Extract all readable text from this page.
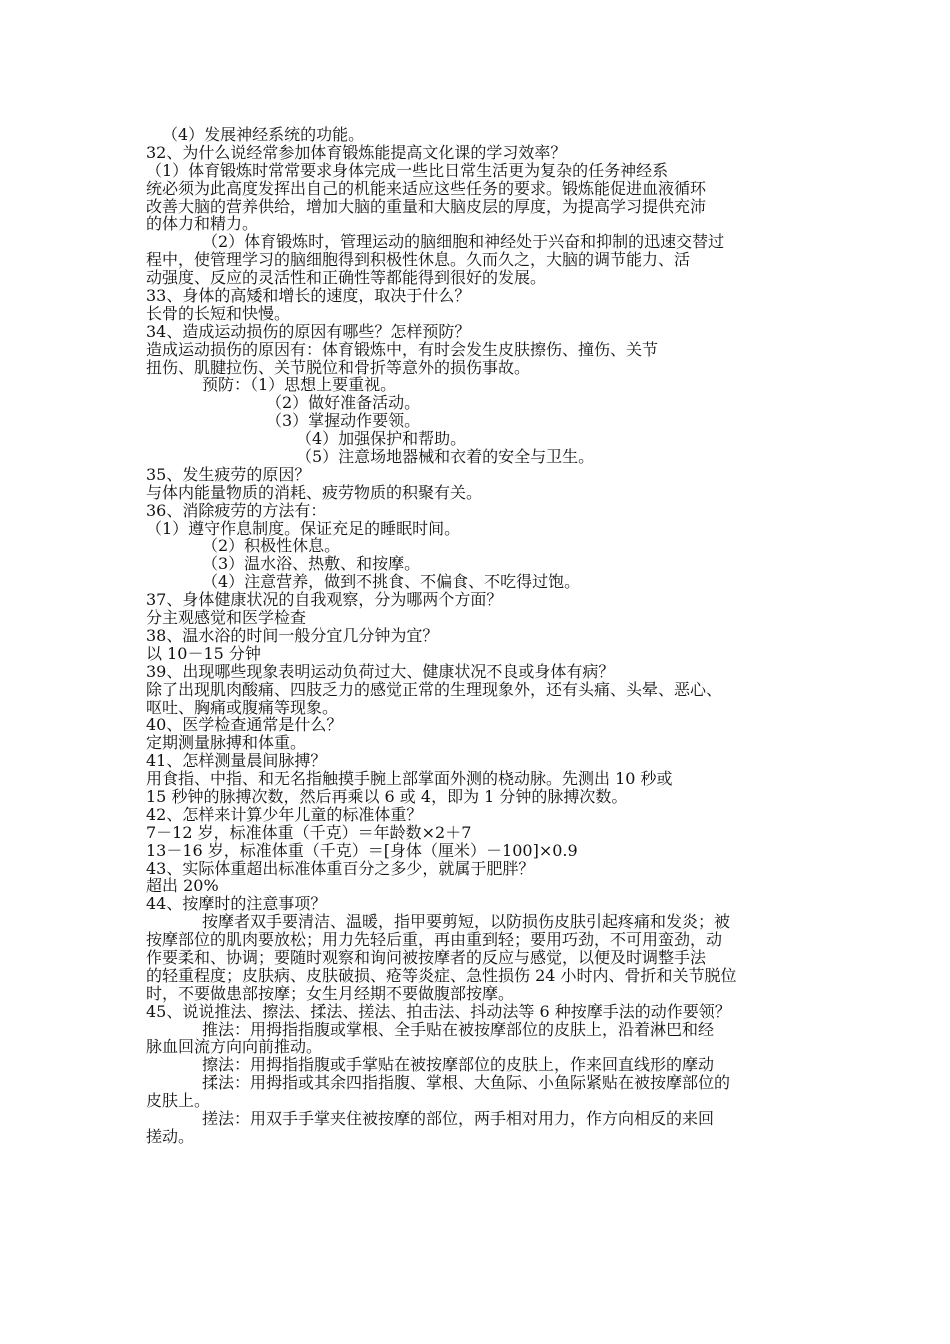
（4）发展神经系统的功能。
32、为什么说经常参加体育锻炼能提高文化课的学习效率？
（1）体育锻炼时常常要求身体完成一些比日常生活更为复杂的任务神经系
统必须为此高度发挥出自己的机能来适应这些任务的要求。锻炼能促进血液循环
改善大脑的营养供给，增加大脑的重量和大脑皮层的厚度，为提高学习提供充沛
的体力和精力。
（2）体育锻炼时，管理运动的脑细胞和神经处于兴奋和抑制的迅速交替过
程中，使管理学习的脑细胞得到积极性休息。久而久之，大脑的调节能力、活
动强度、反应的灵活性和正确性等都能得到很好的发展。
33、身体的高矮和增长的速度，取决于什么？
长骨的长短和快慢。
34、造成运动损伤的原因有哪些？怎样预防？
造成运动损伤的原因有：体育锻炼中，有时会发生皮肤擦伤、撞伤、关节
扭伤、肌腱拉伤、关节脱位和骨折等意外的损伤事故。
预防：（1）思想上要重视。
（2）做好准备活动。
（3）掌握动作要领。
（4）加强保护和帮助。
（5）注意场地器械和衣着的安全与卫生。
35、发生疲劳的原因？
与体内能量物质的消耗、疲劳物质的积聚有关。
36、消除疲劳的方法有：
（1）遵守作息制度。保证充足的睡眠时间。
（2）积极性休息。
（3）温水浴、热敷、和按摩。
（4）注意营养，做到不挑食、不偏食、不吃得过饱。
37、身体健康状况的自我观察，分为哪两个方面？
分主观感觉和医学检查
38、温水浴的时间一般分宜几分钟为宜？
以 10－15 分钟
39、出现哪些现象表明运动负荷过大、健康状况不良或身体有病？
除了出现肌肉酸痛、四肢乏力的感觉正常的生理现象外，还有头痛、头晕、恶心、
呕吐、胸痛或腹痛等现象。
40、医学检查通常是什么？
定期测量脉搏和体重。
41、怎样测量晨间脉搏？
用食指、中指、和无名指触摸手腕上部掌面外测的桡动脉。先测出 10 秒或
15 秒钟的脉搏次数，然后再乘以 6 或 4，即为 1 分钟的脉搏次数。
42、怎样来计算少年儿童的标准体重？
7－12 岁，标准体重（千克）＝年龄数×2＋7
13－16 岁，标准体重（千克）＝[身体（厘米）－100]×0.9
43、实际体重超出标准体重百分之多少，就属于肥胖？
超出 20%
44、按摩时的注意事项？
按摩者双手要清洁、温暖，指甲要剪短，以防损伤皮肤引起疼痛和发炎；被
按摩部位的肌肉要放松；用力先轻后重，再由重到轻；要用巧劲，不可用蛮劲，动
作要柔和、协调；要随时观察和询问被按摩者的反应与感觉，以便及时调整手法
的轻重程度；皮肤病、皮肤破损、疮等炎症、急性损伤 24 小时内、骨折和关节脱位
时，不要做患部按摩；女生月经期不要做腹部按摩。
45、说说推法、擦法、揉法、搓法、拍击法、抖动法等 6 种按摩手法的动作要领？
推法：用拇指指腹或掌根、全手贴在被按摩部位的皮肤上，沿着淋巴和经
脉血回流方向向前推动。
擦法：用拇指指腹或手掌贴在被按摩部位的皮肤上，作来回直线形的摩动
揉法：用拇指或其余四指指腹、掌根、大鱼际、小鱼际紧贴在被按摩部位的
皮肤上。
搓法：用双手手掌夹住被按摩的部位，两手相对用力，作方向相反的来回
搓动。
